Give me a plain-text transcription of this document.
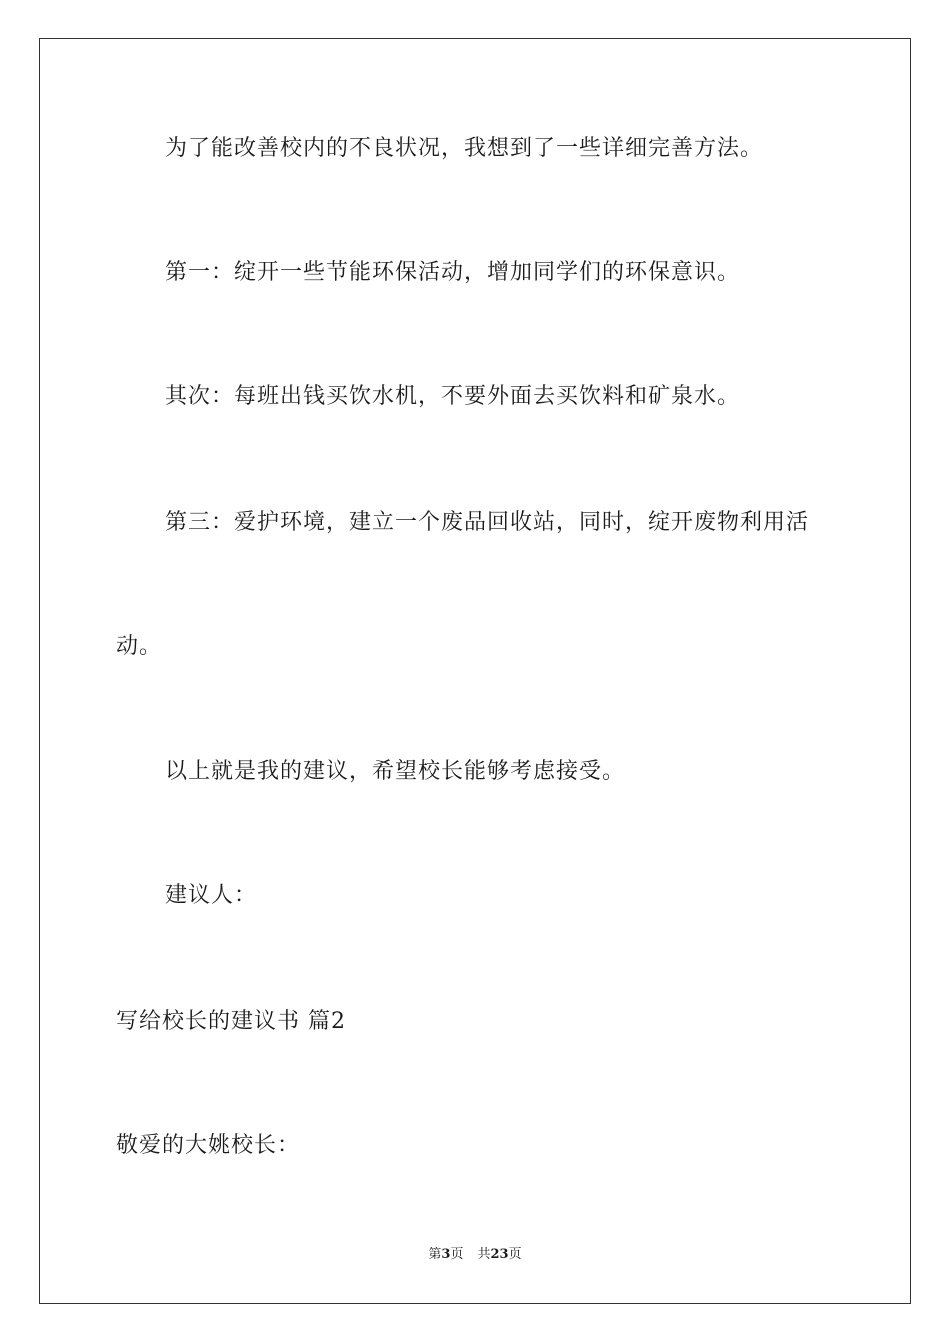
为了能改善校内的不良状况，我想到了一些详细完善方法。
第一：绽开一些节能环保活动，增加同学们的环保意识。
其次：每班出钱买饮水机，不要外面去买饮料和矿泉水。
第三：爱护环境，建立一个废品回收站，同时，绽开废物利用活
动。
以上就是我的建议，希望校长能够考虑接受。
建议人：
写给校长的建议书 篇2
敬爱的大姚校长：
第3页 共23页
